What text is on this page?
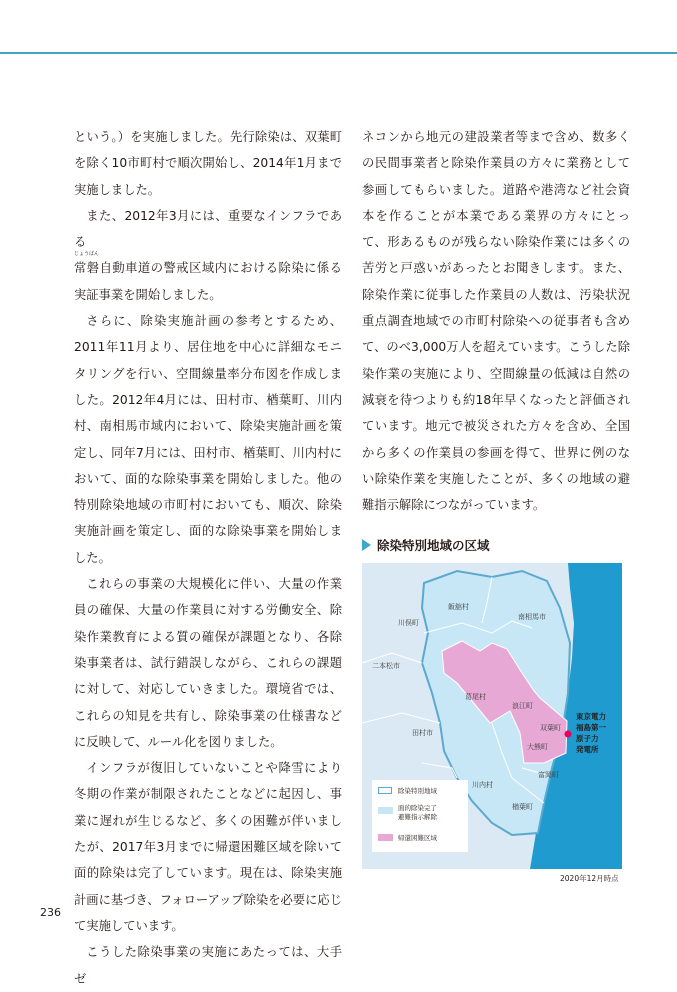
という。）を実施しました。先行除染は、双葉町を除く10市町村で順次開始し、2014年1月まで実施しました。

また、2012年3月には、重要なインフラである

常磐
じょうばん
自動車道の警戒区域内における除染に係る実証事業を開始しました。

さらに、除染実施計画の参考とするため、2011年11月より、居住地を中心に詳細なモニタリングを行い、空間線量率分布図を作成しました。2012年4月には、田村市、楢葉町、川内村、南相馬市域内において、除染実施計画を策定し、同年7月には、田村市、楢葉町、川内村において、面的な除染事業を開始しました。他の特別除染地域の市町村においても、順次、除染実施計画を策定し、面的な除染事業を開始しました。

これらの事業の大規模化に伴い、大量の作業員の確保、大量の作業員に対する労働安全、除染作業教育による質の確保が課題となり、各除染事業者は、試行錯誤しながら、これらの課題に対して、対応していきました。環境省では、これらの知見を共有し、除染事業の仕様書などに反映して、ルール化を図りました。

インフラが復旧していないことや降雪により冬期の作業が制限されたことなどに起因し、事業に遅れが生じるなど、多くの困難が伴いましたが、2017年3月までに帰還困難区域を除いて面的除染は完了しています。現在は、除染実施計画に基づき、フォローアップ除染を必要に応じて実施しています。

こうした除染事業の実施にあたっては、大手ゼ

ネコンから地元の建設業者等まで含め、数多くの民間事業者と除染作業員の方々に業務として参画してもらいました。道路や港湾など社会資本を作ることが本業である業界の方々にとって、形あるものが残らない除染作業には多くの苦労と戸惑いがあったとお聞きします。また、除染作業に従事した作業員の人数は、汚染状況重点調査地域での市町村除染への従事者も含めて、のべ3,000万人を超えています。こうした除染作業の実施により、空間線量の低減は自然の減衰を待つよりも約18年早くなったと評価されています。地元で被災された方々を含め、全国から多くの作業員の参画を得て、世界に例のない除染作業を実施したことが、多くの地域の避難指示解除につながっています。

除染特別地域の区域
飯舘村
南相馬市
川俣町
二本松市
葛尾村
浪江町
双葉町
大熊町
田村市
富岡町
川内村
楢葉町
東京電力
福島第一
原子力
発電所
除染特別地域
面的除染完了
避難指示解除
帰還困難区域
2020年12月時点
236
